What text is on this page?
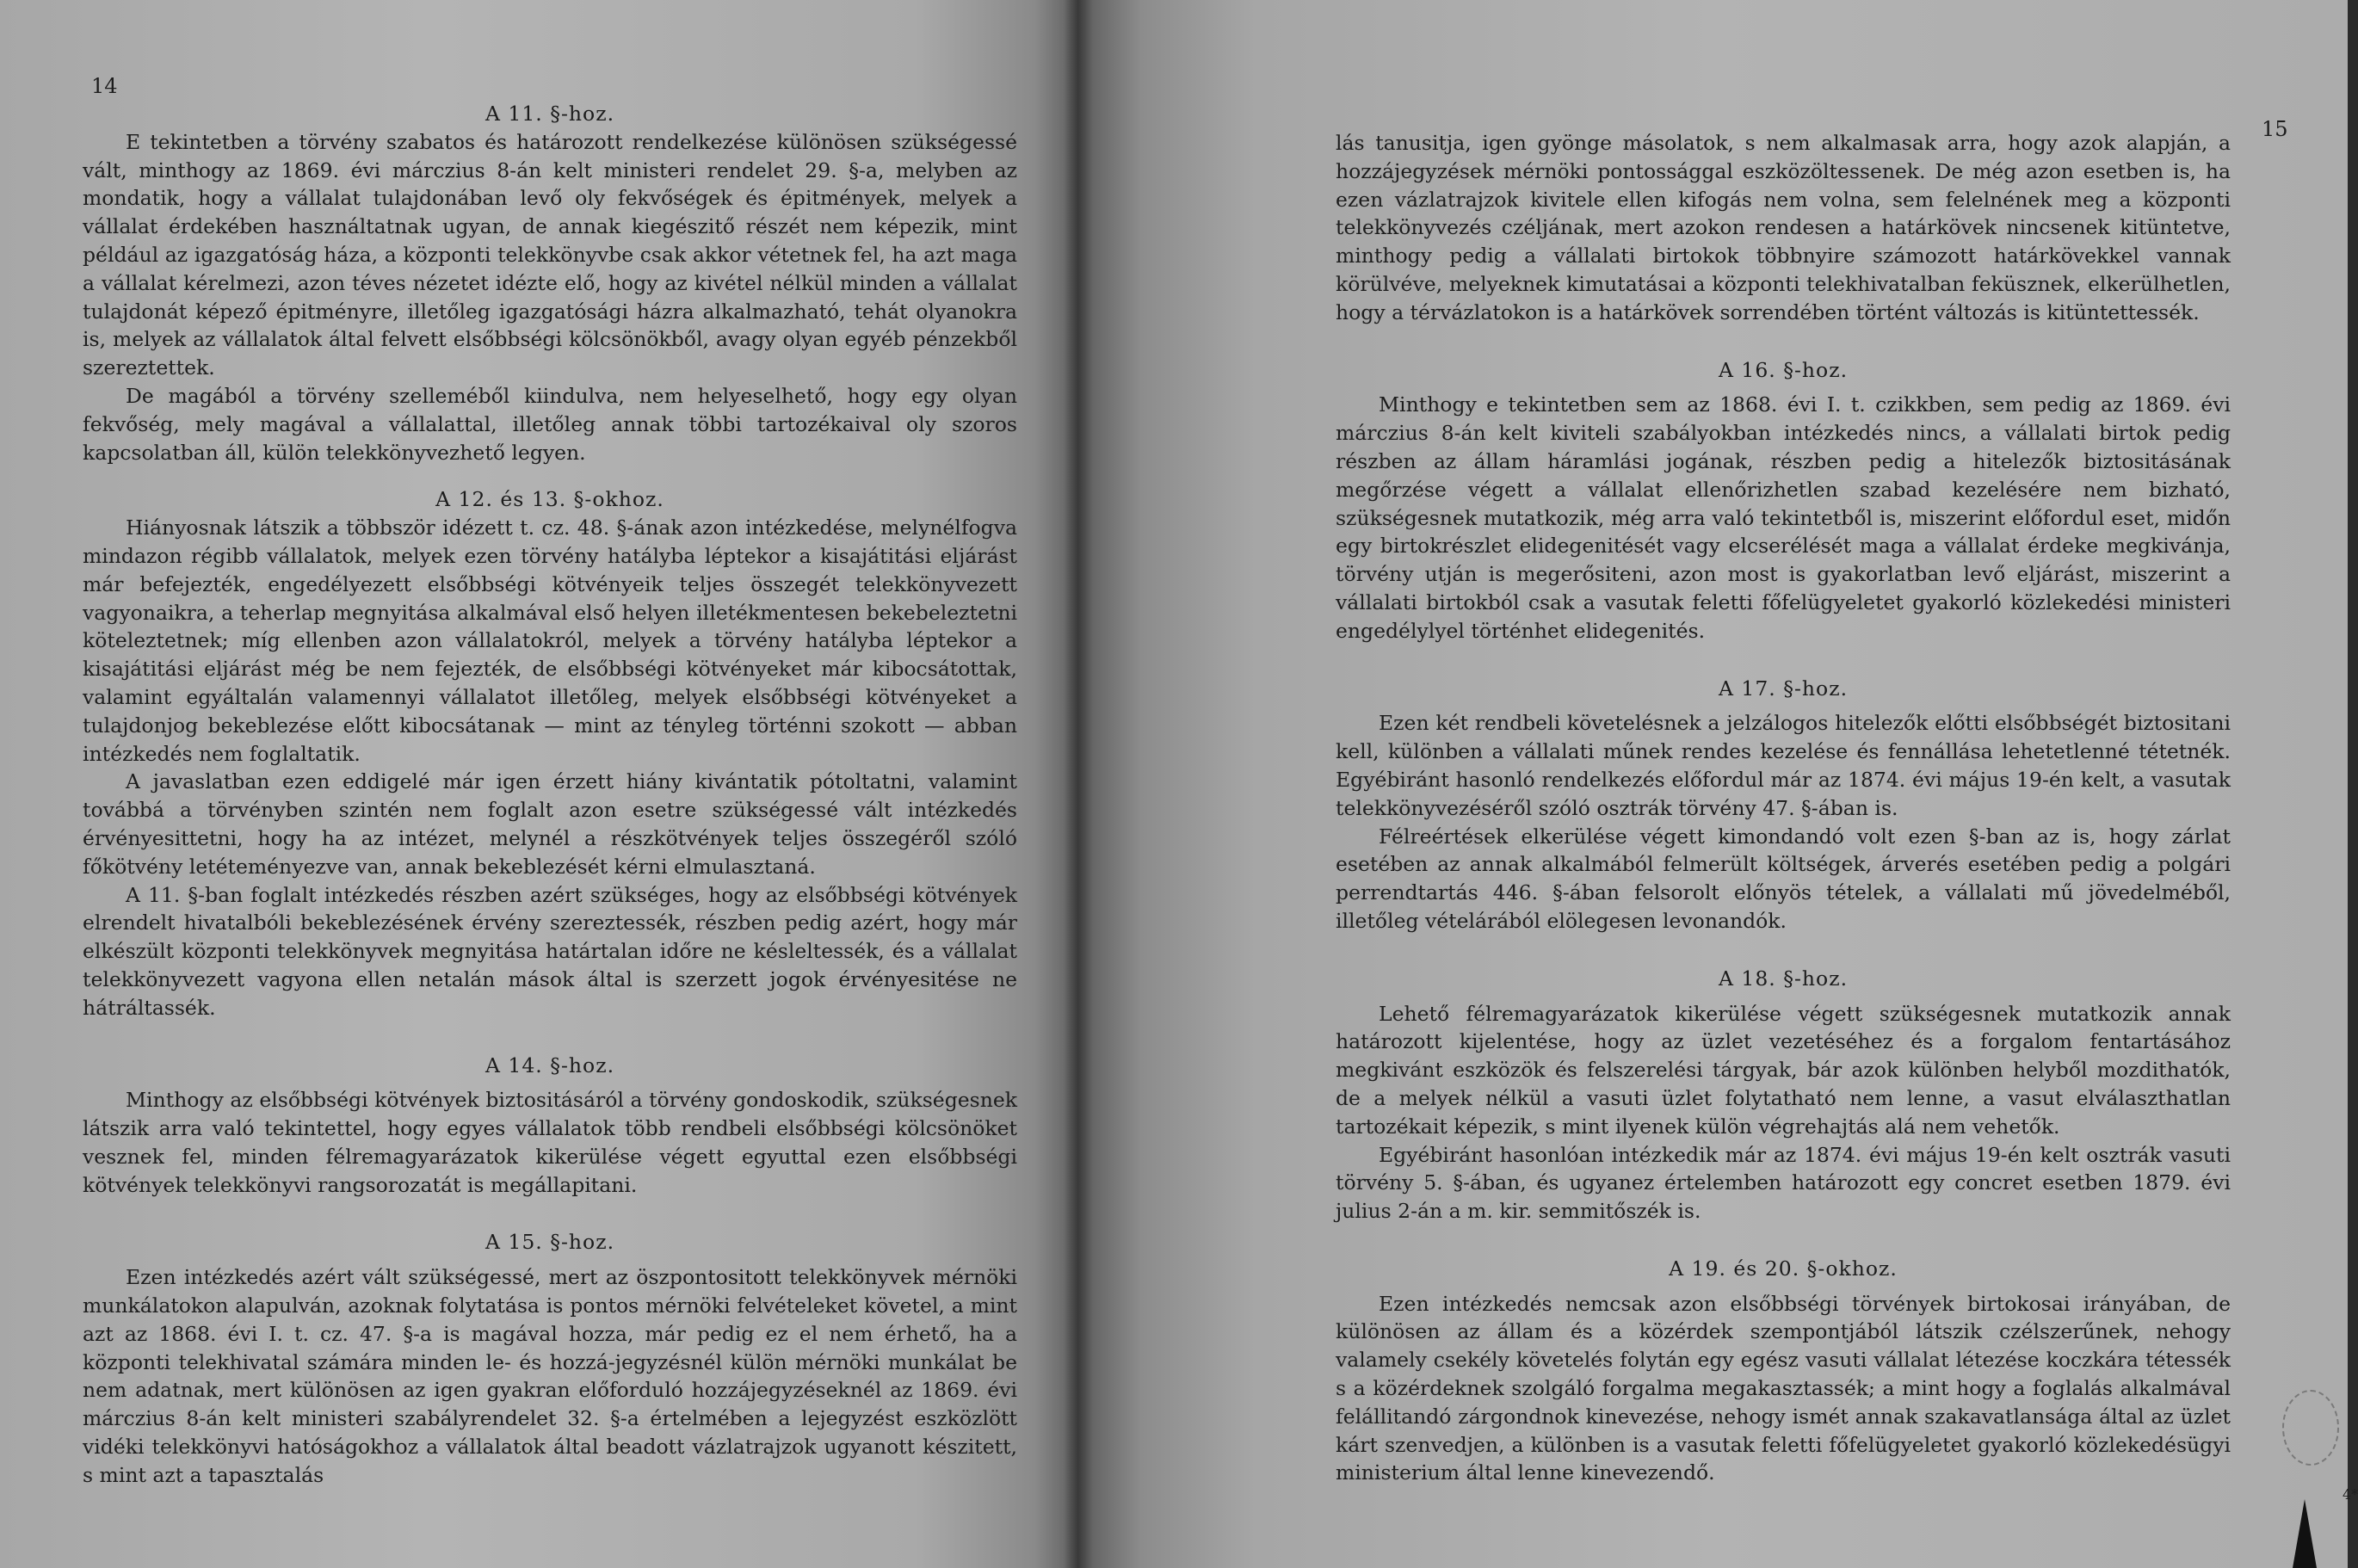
14
A 11. §-hoz.

E tekintetben a törvény szabatos és határozott rendelkezése különösen szükségessé vált, minthogy az 1869. évi márczius 8-án kelt ministeri rendelet 29. §-a, melyben az mondatik, hogy a vállalat tulajdonában levő oly fekvőségek és épitmények, melyek a vállalat érdekében használtatnak ugyan, de annak kiegészitő részét nem képezik, mint például az igazgatóság háza, a központi telekkönyvbe csak akkor vétetnek fel, ha azt maga a vállalat kérelmezi, azon téves nézetet idézte elő, hogy az kivétel nélkül minden a vállalat tulajdonát képező épitményre, illetőleg igazgatósági házra alkalmazható, tehát olyanokra is, melyek az vállalatok által felvett elsőbbségi kölcsönökből, avagy olyan egyéb pénzekből szereztettek.

De magából a törvény szelleméből kiindulva, nem helyeselhető, hogy egy olyan fekvőség, mely magával a vállalattal, illetőleg annak többi tartozékaival oly szoros kapcsolatban áll, külön telekkönyvezhető legyen.

A 12. és 13. §-okhoz.

Hiányosnak látszik a többször idézett t. cz. 48. §-ának azon intézkedése, melynélfogva mindazon régibb vállalatok, melyek ezen törvény hatályba léptekor a kisajátitási eljárást már befejezték, engedélyezett elsőbbségi kötvényeik teljes összegét telekkönyvezett vagyonaikra, a teherlap megnyitása alkalmával első helyen illetékmentesen bekebeleztetni köteleztetnek; míg ellenben azon vállalatokról, melyek a törvény hatályba léptekor a kisajátitási eljárást még be nem fejezték, de elsőbbségi kötvényeket már kibocsátottak, valamint egyáltalán valamennyi vállalatot illetőleg, melyek elsőbbségi kötvényeket a tulajdonjog bekeblezése előtt kibocsátanak — mint az tényleg történni szokott — abban intézkedés nem foglaltatik.

A javaslatban ezen eddigelé már igen érzett hiány kivántatik pótoltatni, valamint továbbá a törvényben szintén nem foglalt azon esetre szükségessé vált intézkedés érvényesittetni, hogy ha az intézet, melynél a részkötvények teljes összegéről szóló főkötvény letéteményezve van, annak bekeblezését kérni elmulasztaná.

A 11. §-ban foglalt intézkedés részben azért szükséges, hogy az elsőbbségi kötvények elrendelt hivatalbóli bekeblezésének érvény szereztessék, részben pedig azért, hogy már elkészült központi telekkönyvek megnyitása határtalan időre ne késleltessék, és a vállalat telekkönyvezett vagyona ellen netalán mások által is szerzett jogok érvényesitése ne hátráltassék.

A 14. §-hoz.

Minthogy az elsőbbségi kötvények biztositásáról a törvény gondoskodik, szükségesnek látszik arra való tekintettel, hogy egyes vállalatok több rendbeli elsőbbségi kölcsönöket vesznek fel, minden félremagyarázatok kikerülése végett egyuttal ezen elsőbbségi kötvények telekkönyvi rangsorozatát is megállapitani.

A 15. §-hoz.

Ezen intézkedés azért vált szükségessé, mert az öszpontositott telekkönyvek mérnöki munkálatokon alapulván, azoknak folytatása is pontos mérnöki felvételeket követel, a mint azt az 1868. évi I. t. cz. 47. §-a is magával hozza, már pedig ez el nem érhető, ha a központi telekhivatal számára minden le- és hozzá-jegyzésnél külön mérnöki munkálat be nem adatnak, mert különösen az igen gyakran előforduló hozzájegyzéseknél az 1869. évi márczius 8-án kelt ministeri szabályrendelet 32. §-a értelmében a lejegyzést eszközlött vidéki telekkönyvi hatóságokhoz a vállalatok által beadott vázlatrajzok ugyanott készitett, s mint azt a tapasztalás

15

lás tanusitja, igen gyönge másolatok, s nem alkalmasak arra, hogy azok alapján, a hozzájegyzések mérnöki pontossággal eszközöltessenek. De még azon esetben is, ha ezen vázlatrajzok kivitele ellen kifogás nem volna, sem felelnének meg a központi telekkönyvezés czéljának, mert azokon rendesen a határkövek nincsenek kitüntetve, minthogy pedig a vállalati birtokok többnyire számozott határkövekkel vannak körülvéve, melyeknek kimutatásai a központi telekhivatalban feküsznek, elkerülhetlen, hogy a térvázlatokon is a határkövek sorrendében történt változás is kitüntettessék.

A 16. §-hoz.

Minthogy e tekintetben sem az 1868. évi I. t. czikkben, sem pedig az 1869. évi márczius 8-án kelt kiviteli szabályokban intézkedés nincs, a vállalati birtok pedig részben az állam háramlási jogának, részben pedig a hitelezők biztositásának megőrzése végett a vállalat ellenőrizhetlen szabad kezelésére nem bizható, szükségesnek mutatkozik, még arra való tekintetből is, miszerint előfordul eset, midőn egy birtokrészlet elidegenitését vagy elcserélését maga a vállalat érdeke megkivánja, törvény utján is megerősiteni, azon most is gyakorlatban levő eljárást, miszerint a vállalati birtokból csak a vasutak feletti főfelügyeletet gyakorló közlekedési ministeri engedélylyel történhet elidegenités.

A 17. §-hoz.

Ezen két rendbeli követelésnek a jelzálogos hitelezők előtti elsőbbségét biztositani kell, különben a vállalati műnek rendes kezelése és fennállása lehetetlenné tétetnék. Egyébiránt hasonló rendelkezés előfordul már az 1874. évi május 19-én kelt, a vasutak telekkönyvezéséről szóló osztrák törvény 47. §-ában is.

Félreértések elkerülése végett kimondandó volt ezen §-ban az is, hogy zárlat esetében az annak alkalmából felmerült költségek, árverés esetében pedig a polgári perrendtartás 446. §-ában felsorolt előnyös tételek, a vállalati mű jövedelméből, illetőleg vételárából elölegesen levonandók.

A 18. §-hoz.

Lehető félremagyarázatok kikerülése végett szükségesnek mutatkozik annak határozott kijelentése, hogy az üzlet vezetéséhez és a forgalom fentartásához megkivánt eszközök és felszerelési tárgyak, bár azok különben helyből mozdithatók, de a melyek nélkül a vasuti üzlet folytatható nem lenne, a vasut elválaszthatlan tartozékait képezik, s mint ilyenek külön végrehajtás alá nem vehetők.

Egyébiránt hasonlóan intézkedik már az 1874. évi május 19-én kelt osztrák vasuti törvény 5. §-ában, és ugyanez értelemben határozott egy concret esetben 1879. évi julius 2-án a m. kir. semmitőszék is.

A 19. és 20. §-okhoz.

Ezen intézkedés nemcsak azon elsőbbségi törvények birtokosai irányában, de különösen az állam és a közérdek szempontjából látszik czélszerűnek, nehogy valamely csekély követelés folytán egy egész vasuti vállalat létezése koczkára tétessék s a közérdeknek szolgáló forgalma megakasztassék; a mint hogy a foglalás alkalmával felállitandó zárgondnok kinevezése, nehogy ismét annak szakavatlansága által az üzlet kárt szenvedjen, a különben is a vasutak feletti főfelügyeletet gyakorló közlekedésügyi ministerium által lenne kinevezendő.

4*
